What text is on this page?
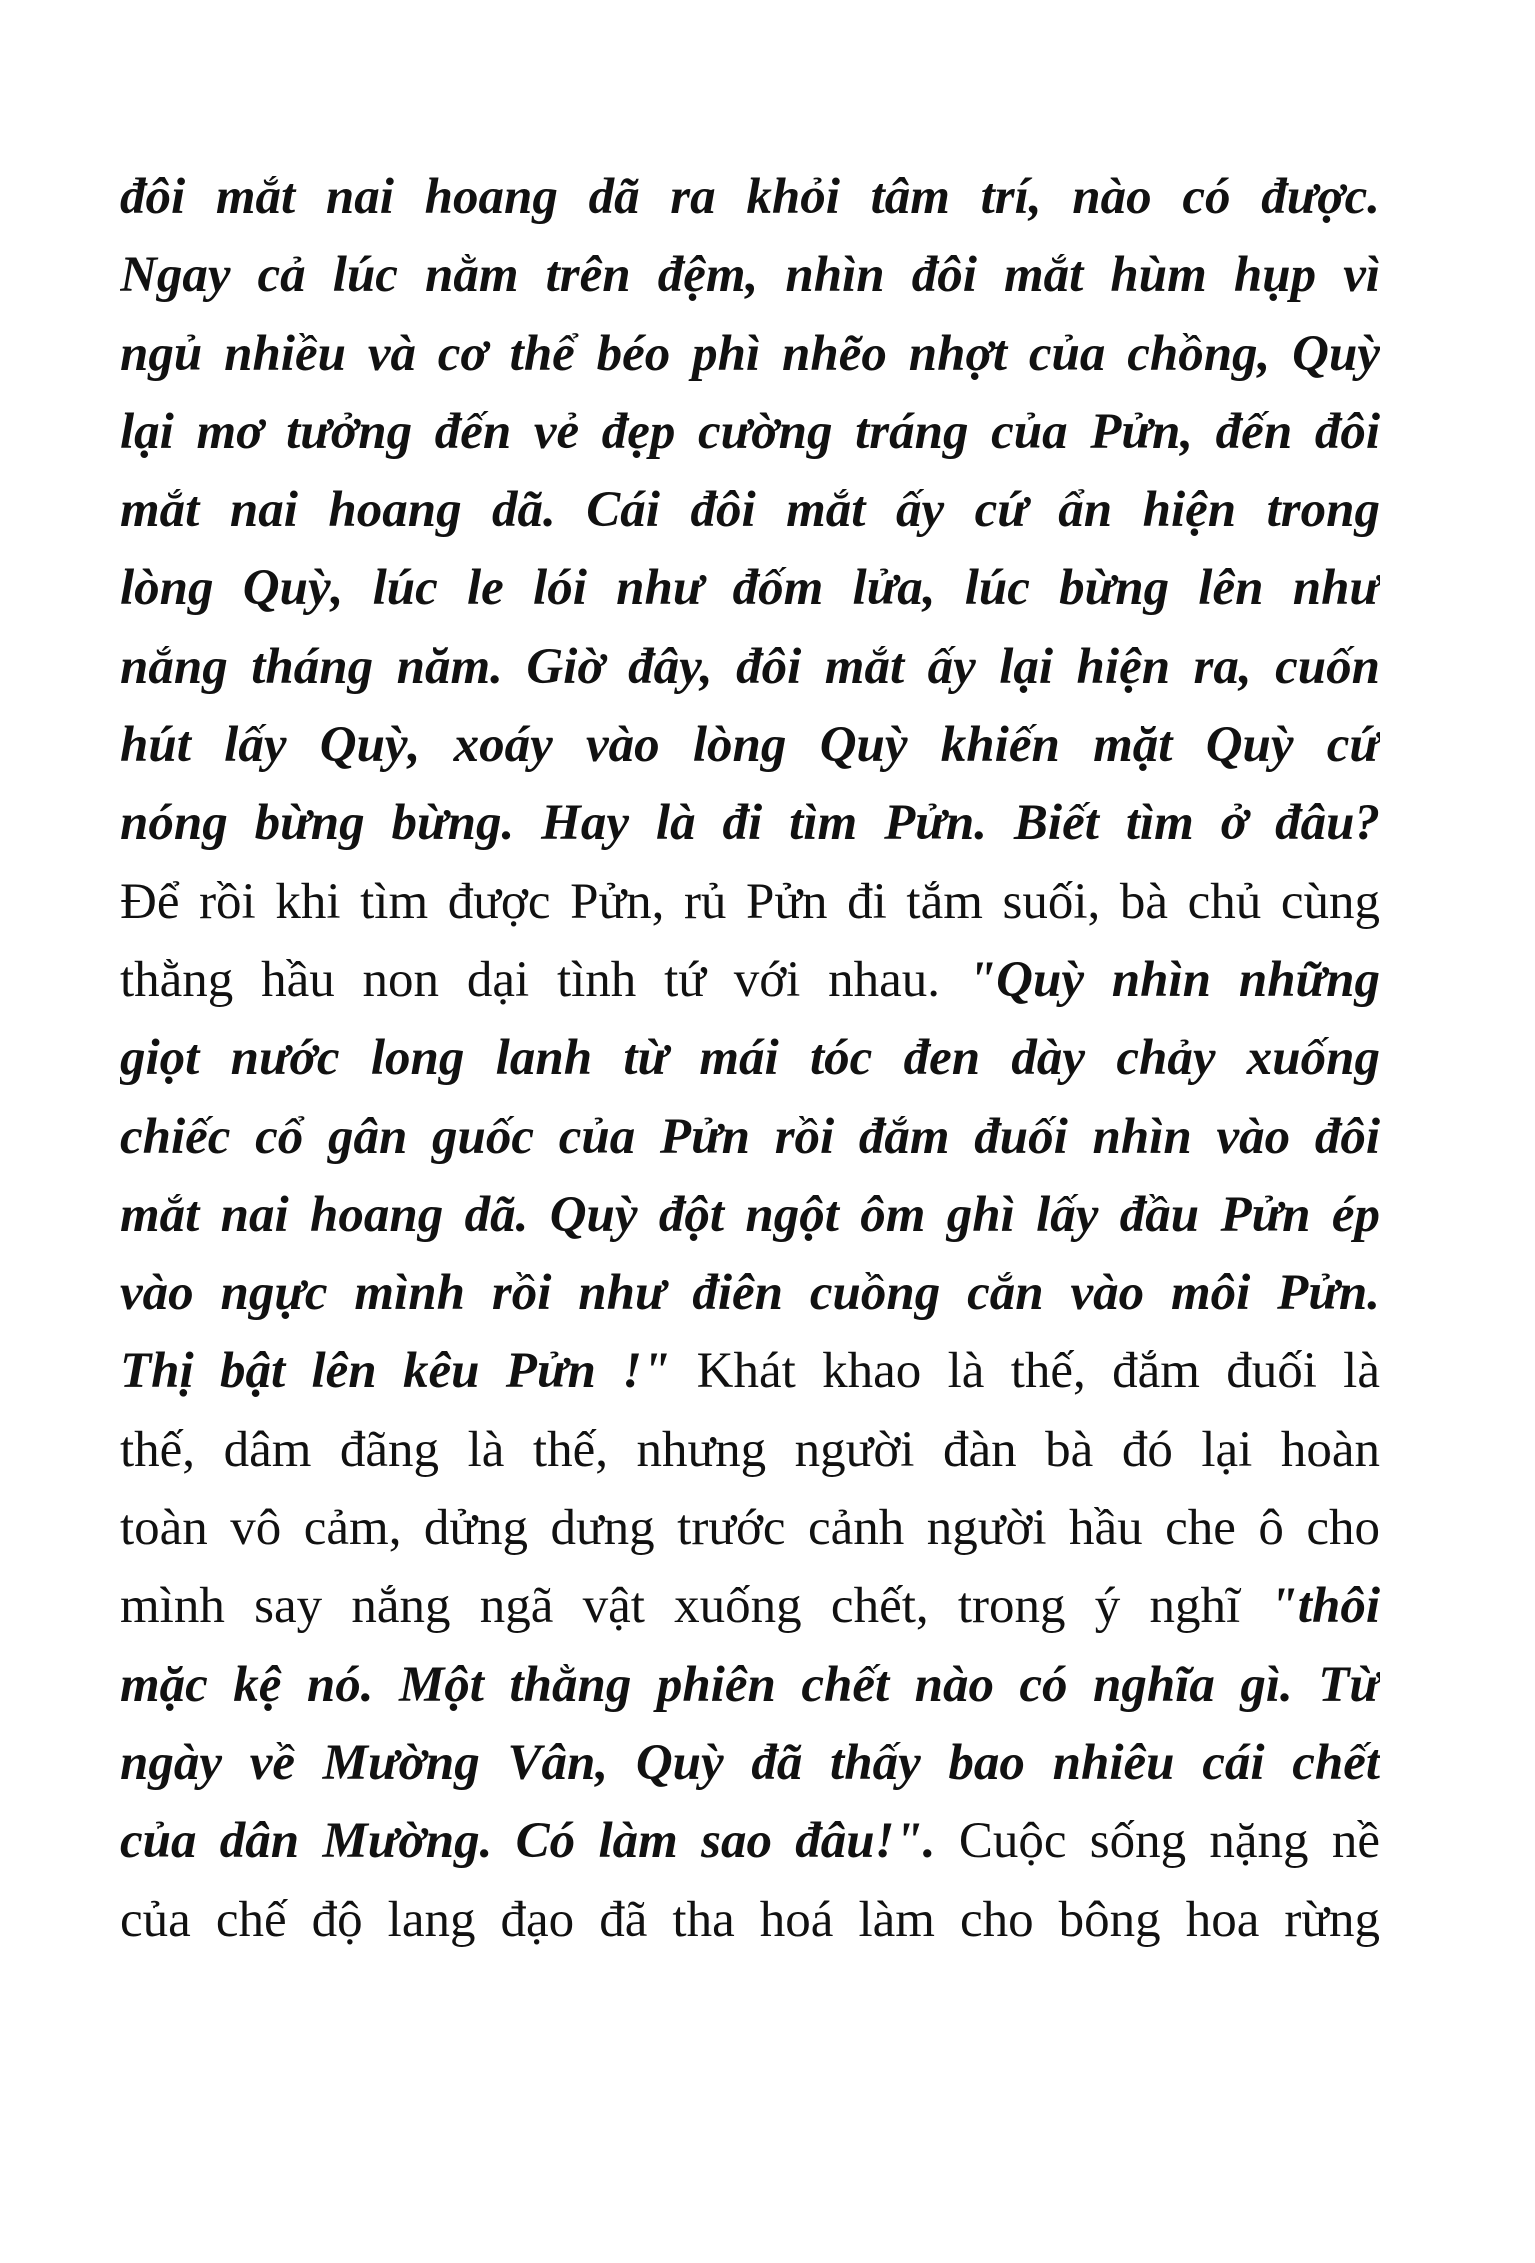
đôi mắt nai hoang dã ra khỏi tâm trí, nào có được.
Ngay cả lúc nằm trên đệm, nhìn đôi mắt hùm hụp vì
ngủ nhiều và cơ thể béo phì nhẽo nhợt của chồng, Quỳ
lại mơ tưởng đến vẻ đẹp cường tráng của Pửn, đến đôi
mắt nai hoang dã. Cái đôi mắt ấy cứ ẩn hiện trong
lòng Quỳ, lúc le lói như đốm lửa, lúc bừng lên như
nắng tháng năm. Giờ đây, đôi mắt ấy lại hiện ra, cuốn
hút lấy Quỳ, xoáy vào lòng Quỳ khiến mặt Quỳ cứ
nóng bừng bừng. Hay là đi tìm Pửn. Biết tìm ở đâu?
Để rồi khi tìm được Pửn, rủ Pửn đi tắm suối, bà chủ cùng
thằng hầu non dại tình tứ với nhau. "Quỳ nhìn những
giọt nước long lanh từ mái tóc đen dày chảy xuống
chiếc cổ gân guốc của Pửn rồi đắm đuối nhìn vào đôi
mắt nai hoang dã. Quỳ đột ngột ôm ghì lấy đầu Pửn ép
vào ngực mình rồi như điên cuồng cắn vào môi Pửn.
Thị bật lên kêu Pửn !" Khát khao là thế, đắm đuối là
thế, dâm đãng là thế, nhưng người đàn bà đó lại hoàn
toàn vô cảm, dửng dưng trước cảnh người hầu che ô cho
mình say nắng ngã vật xuống chết, trong ý nghĩ "thôi
mặc kệ nó. Một thằng phiên chết nào có nghĩa gì. Từ
ngày về Mường Vân, Quỳ đã thấy bao nhiêu cái chết
của dân Mường. Có làm sao đâu!". Cuộc sống nặng nề
của chế độ lang đạo đã tha hoá làm cho bông hoa rừng
